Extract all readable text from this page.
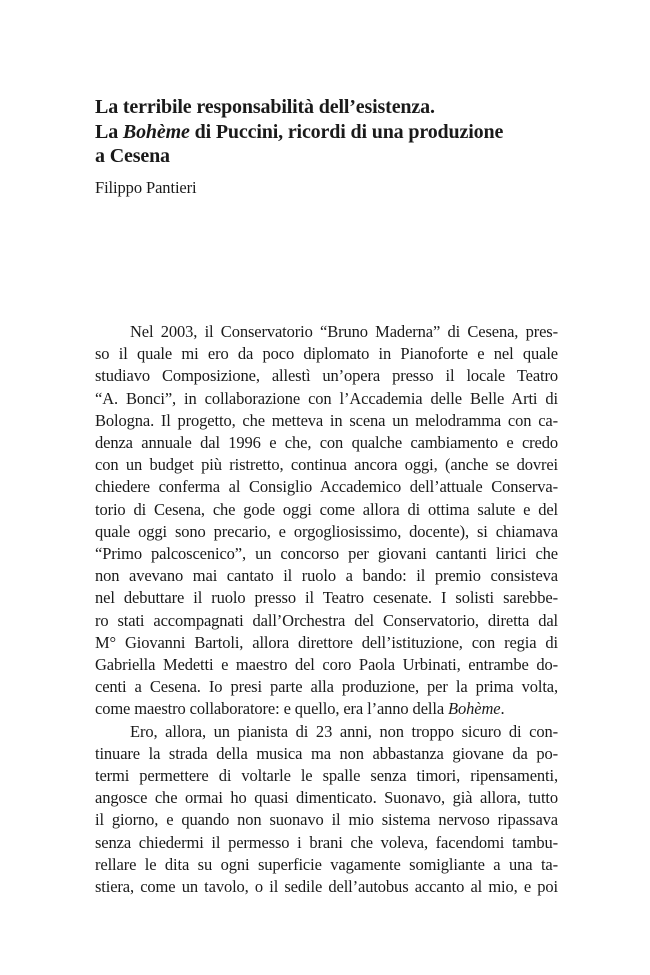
La terribile responsabilità dell’esistenza.
La Bohème di Puccini, ricordi di una produzione
a Cesena
Filippo Pantieri

Nel 2003, il Conservatorio “Bruno Maderna” di Cesena, pres-
so il quale mi ero da poco diplomato in Pianoforte e nel quale
studiavo Composizione, allestì un’opera presso il locale Teatro
“A. Bonci”, in collaborazione con l’Accademia delle Belle Arti di
Bologna. Il progetto, che metteva in scena un melodramma con ca-
denza annuale dal 1996 e che, con qualche cambiamento e credo
con un budget più ristretto, continua ancora oggi, (anche se dovrei
chiedere conferma al Consiglio Accademico dell’attuale Conserva-
torio di Cesena, che gode oggi come allora di ottima salute e del
quale oggi sono precario, e orgogliosissimo, docente), si chiamava
“Primo palcoscenico”, un concorso per giovani cantanti lirici che
non avevano mai cantato il ruolo a bando: il premio consisteva
nel debuttare il ruolo presso il Teatro cesenate. I solisti sarebbe-
ro stati accompagnati dall’Orchestra del Conservatorio, diretta dal
M° Giovanni Bartoli, allora direttore dell’istituzione, con regia di
Gabriella Medetti e maestro del coro Paola Urbinati, entrambe do-
centi a Cesena. Io presi parte alla produzione, per la prima volta,
come maestro collaboratore: e quello, era l’anno della Bohème.

Ero, allora, un pianista di 23 anni, non troppo sicuro di con-
tinuare la strada della musica ma non abbastanza giovane da po-
termi permettere di voltarle le spalle senza timori, ripensamenti,
angosce che ormai ho quasi dimenticato. Suonavo, già allora, tutto
il giorno, e quando non suonavo il mio sistema nervoso ripassava
senza chiedermi il permesso i brani che voleva, facendomi tambu-
rellare le dita su ogni superficie vagamente somigliante a una ta-
stiera, come un tavolo, o il sedile dell’autobus accanto al mio, e poi
